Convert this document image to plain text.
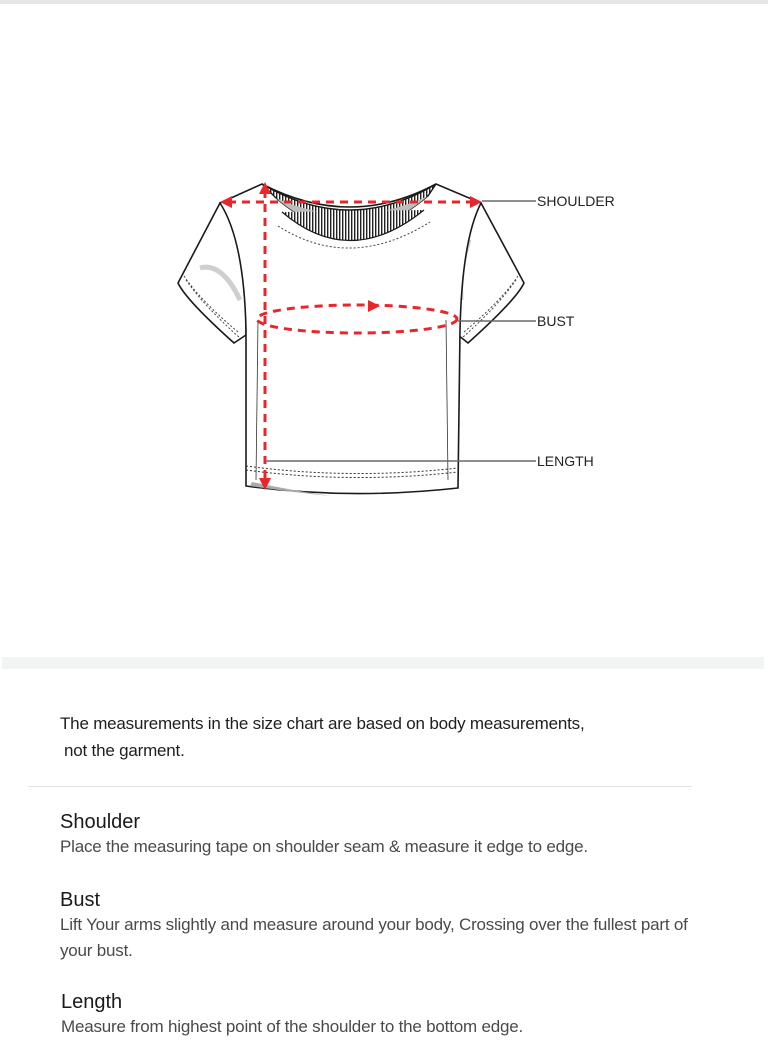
SHOULDER
BUST
LENGTH
The measurements in the size chart are based on body measurements,
not the garment.
Shoulder
Place the measuring tape on shoulder seam & measure it edge to edge.
Bust
Lift Your arms slightly and measure around your body, Crossing over the fullest part of your bust.
Length
Measure from highest point of the shoulder to the bottom edge.
